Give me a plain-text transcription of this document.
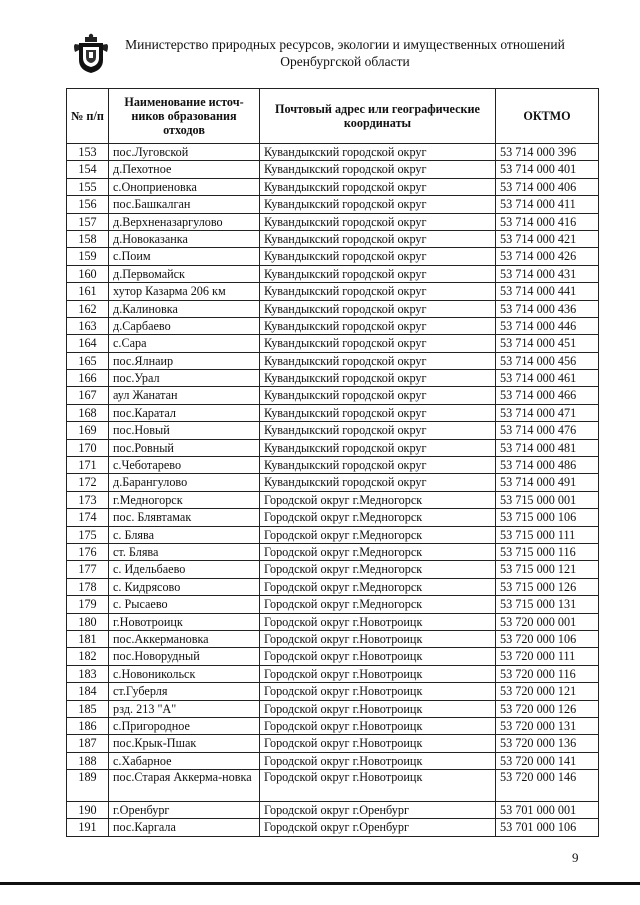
Министерство природных ресурсов, экологии и имущественных отношений
Оренбургской области
№ п/п	Наименование источ-ников образования отходов	Почтовый адрес или географические координаты	ОКТМО
153	пос.Луговской	Кувандыкский городской округ	53 714 000 396
154	д.Пехотное	Кувандыкский городской округ	53 714 000 401
155	с.Оноприеновка	Кувандыкский городской округ	53 714 000 406
156	пос.Башкалган	Кувандыкский городской округ	53 714 000 411
157	д.Верхненазаргулово	Кувандыкский городской округ	53 714 000 416
158	д.Новоказанка	Кувандыкский городской округ	53 714 000 421
159	с.Поим	Кувандыкский городской округ	53 714 000 426
160	д.Первомайск	Кувандыкский городской округ	53 714 000 431
161	хутор Казарма 206 км	Кувандыкский городской округ	53 714 000 441
162	д.Калиновка	Кувандыкский городской округ	53 714 000 436
163	д.Сарбаево	Кувандыкский городской округ	53 714 000 446
164	с.Сара	Кувандыкский городской округ	53 714 000 451
165	пос.Ялнаир	Кувандыкский городской округ	53 714 000 456
166	пос.Урал	Кувандыкский городской округ	53 714 000 461
167	аул Жанатан	Кувандыкский городской округ	53 714 000 466
168	пос.Каратал	Кувандыкский городской округ	53 714 000 471
169	пос.Новый	Кувандыкский городской округ	53 714 000 476
170	пос.Ровный	Кувандыкский городской округ	53 714 000 481
171	с.Чеботарево	Кувандыкский городской округ	53 714 000 486
172	д.Барангулово	Кувандыкский городской округ	53 714 000 491
173	г.Медногорск	Городской округ г.Медногорск	53 715 000 001
174	пос. Блявтамак	Городской округ г.Медногорск	53 715 000 106
175	с. Блява	Городской округ г.Медногорск	53 715 000 111
176	ст. Блява	Городской округ г.Медногорск	53 715 000 116
177	с. Идельбаево	Городской округ г.Медногорск	53 715 000 121
178	с. Кидрясово	Городской округ г.Медногорск	53 715 000 126
179	с. Рысаево	Городской округ г.Медногорск	53 715 000 131
180	г.Новотроицк	Городской округ г.Новотроицк	53 720 000 001
181	пос.Аккермановка	Городской округ г.Новотроицк	53 720 000 106
182	пос.Новорудный	Городской округ г.Новотроицк	53 720 000 111
183	с.Новоникольск	Городской округ г.Новотроицк	53 720 000 116
184	ст.Губерля	Городской округ г.Новотроицк	53 720 000 121
185	рзд. 213 "А"	Городской округ г.Новотроицк	53 720 000 126
186	с.Пригородное	Городской округ г.Новотроицк	53 720 000 131
187	пос.Крык-Пшак	Городской округ г.Новотроицк	53 720 000 136
188	с.Хабарное	Городской округ г.Новотроицк	53 720 000 141
189	пос.Старая Аккерма-новка	Городской округ г.Новотроицк	53 720 000 146
190	г.Оренбург	Городской округ г.Оренбург	53 701 000 001
191	пос.Каргала	Городской округ г.Оренбург	53 701 000 106
9
